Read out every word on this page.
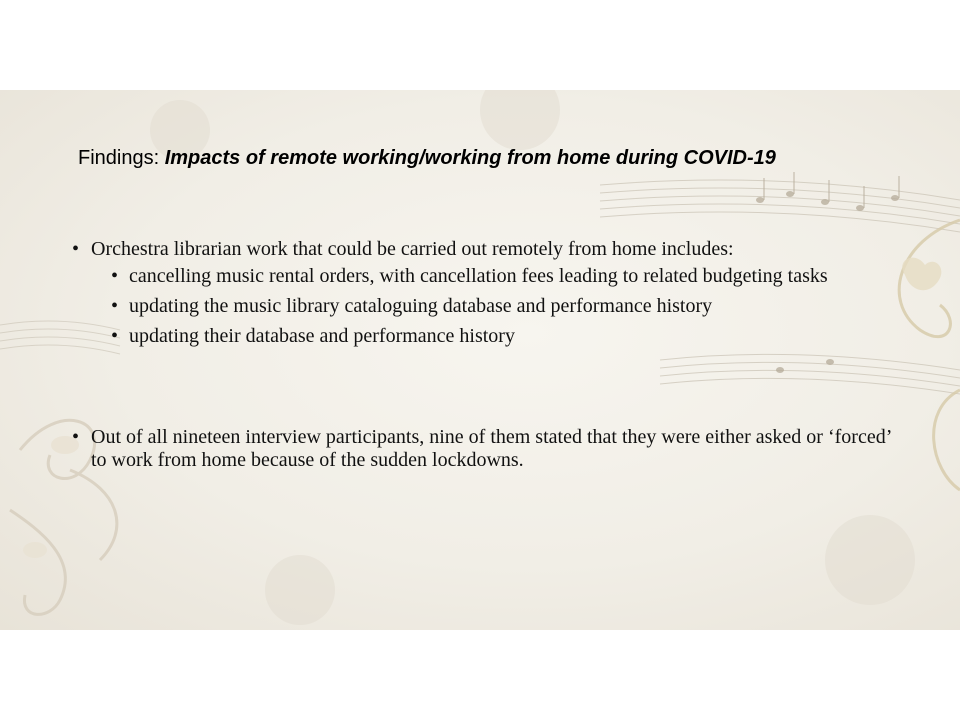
Findings: Impacts of remote working/working from home during COVID-19

• Orchestra librarian work that could be carried out remotely from home includes:
• cancelling music rental orders, with cancellation fees leading to related budgeting tasks
• updating the music library cataloguing database and performance history
• updating their database and performance history
• Out of all nineteen interview participants, nine of them stated that they were either asked or ‘forced’ to work from home because of the sudden lockdowns.
